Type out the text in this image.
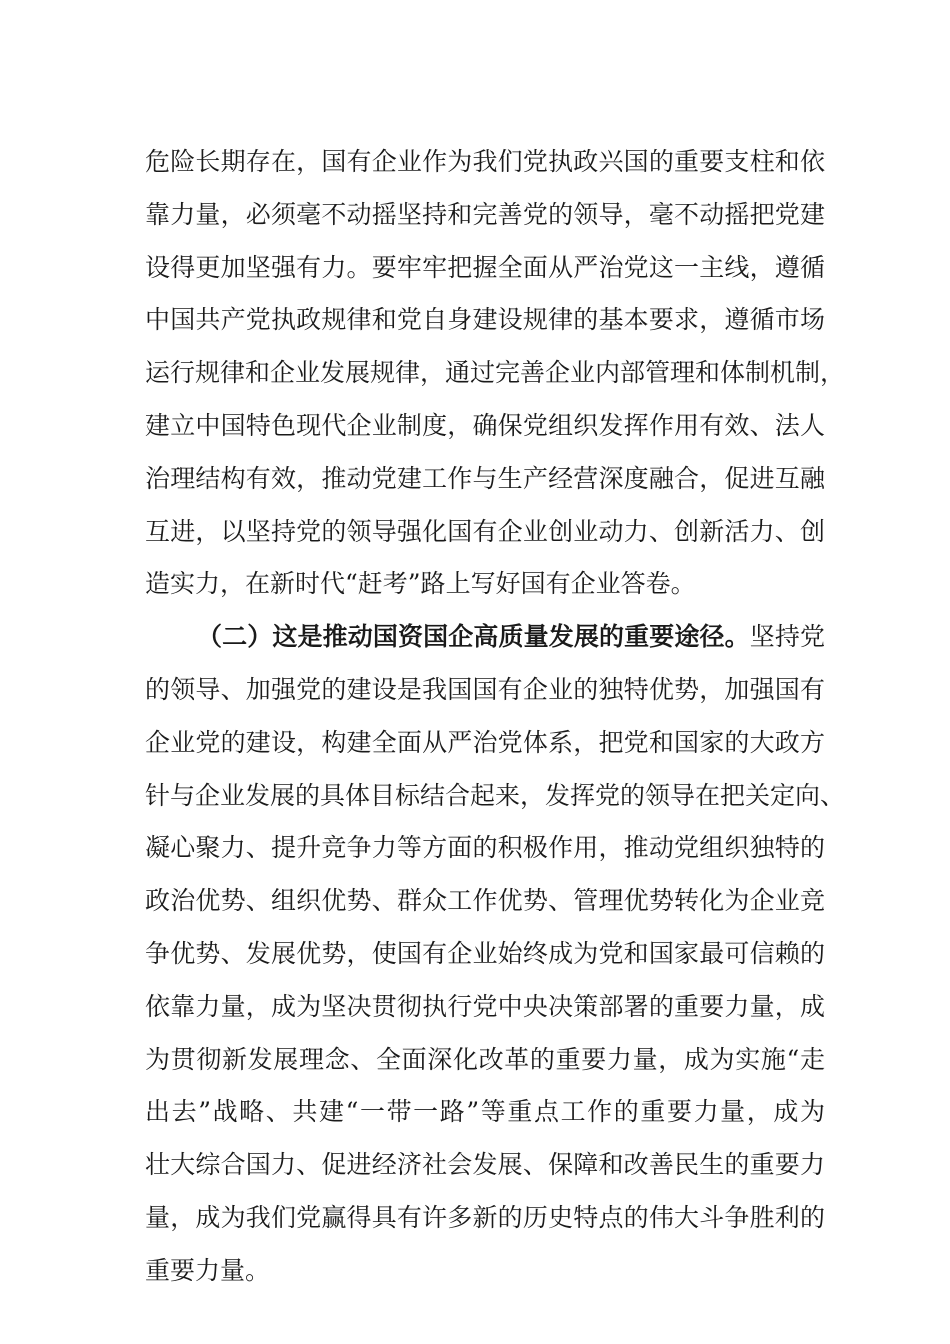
危险长期存在，国有企业作为我们党执政兴国的重要支柱和依
靠力量，必须毫不动摇坚持和完善党的领导，毫不动摇把党建
设得更加坚强有力。要牢牢把握全面从严治党这一主线，遵循
中国共产党执政规律和党自身建设规律的基本要求，遵循市场
运行规律和企业发展规律，通过完善企业内部管理和体制机制，
建立中国特色现代企业制度，确保党组织发挥作用有效、法人
治理结构有效，推动党建工作与生产经营深度融合，促进互融
互进，以坚持党的领导强化国有企业创业动力、创新活力、创
造实力，在新时代“赶考”路上写好国有企业答卷。
（二）这是推动国资国企高质量发展的重要途径。坚持党
的领导、加强党的建设是我国国有企业的独特优势，加强国有
企业党的建设，构建全面从严治党体系，把党和国家的大政方
针与企业发展的具体目标结合起来，发挥党的领导在把关定向、
凝心聚力、提升竞争力等方面的积极作用，推动党组织独特的
政治优势、组织优势、群众工作优势、管理优势转化为企业竞
争优势、发展优势，使国有企业始终成为党和国家最可信赖的
依靠力量，成为坚决贯彻执行党中央决策部署的重要力量，成
为贯彻新发展理念、全面深化改革的重要力量，成为实施“走
出去”战略、共建“一带一路”等重点工作的重要力量，成为
壮大综合国力、促进经济社会发展、保障和改善民生的重要力
量，成为我们党赢得具有许多新的历史特点的伟大斗争胜利的
重要力量。
